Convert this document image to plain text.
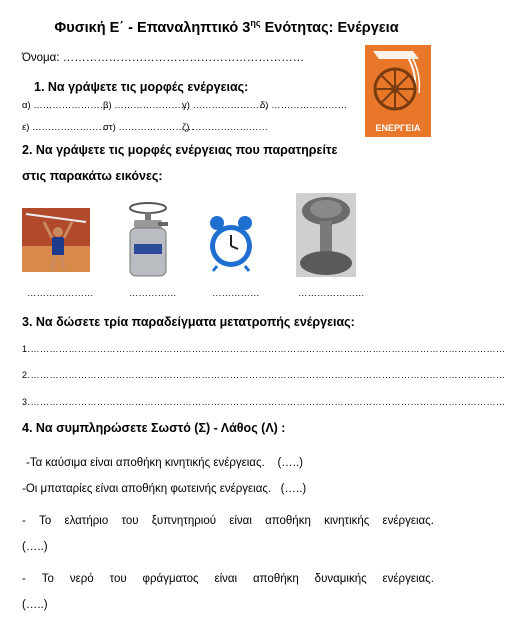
Φυσική Ε΄ - Επαναληπτικό $3^{\eta\varsigma}$ Ενότητας: Ενέργεια
Όνομα: ………………………………………………………
ΕΝΕΡΓΕΙΑ
1. Να γράψετε τις μορφές ενέργειας:
α) ……………………
β) ……………………
γ) ……………………
δ) ……………………
ε) ……………………
στ) ……………………
ζ) ……………………
2. Να γράψετε τις μορφές ενέργειας που παρατηρείτε
στις παρακάτω εικόνες:
…………………	……………	……………	…………………
3. Να δώσετε τρία παραδείγματα μετατροπής ενέργειας:
1.……………………………………………………………………………………………………………………………………
2.……………………………………………………………………………………………………………………………………
3.……………………………………………………………………………………………………………………………………
4. Να συμπληρώσετε Σωστό (Σ) - Λάθος (Λ) :
-Τα καύσιμα είναι αποθήκη κινητικής ενέργειας.    (…..)
-Οι μπαταρίες είναι αποθήκη φωτεινής ενέργειας.   (…..)
- Το ελατήριο του ξυπνητηριού είναι αποθήκη κινητικής ενέργειας.
(…..)
- Το νερό του φράγματος είναι αποθήκη δυναμικής ενέργειας.
(…..)
